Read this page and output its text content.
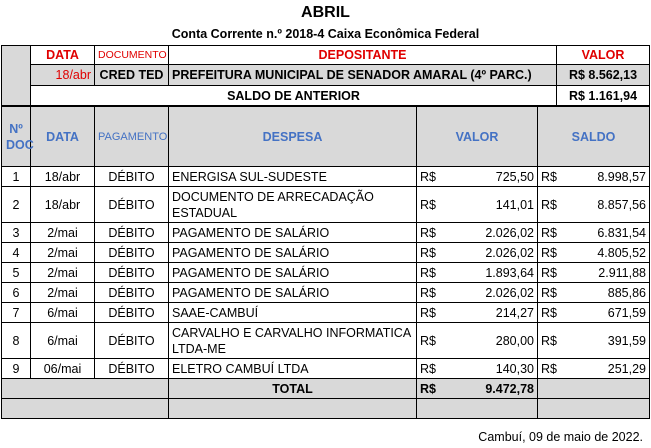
ABRIL
Conta Corrente n.º 2018-4 Caixa Econômica Federal
	DATA	DOCUMENTO	DEPOSITANTE	VALOR
	18/abr	CRED TED	PREFEITURA MUNICIPAL DE SENADOR AMARAL (4º PARC.)	R$ 8.562,13
	SALDO DE ANTERIOR			R$ 1.161,94
Nº DOC	DATA	PAGAMENTO	DESPESA	VALOR		SALDO	
1	18/abr	DÉBITO	ENERGISA SUL-SUDESTE	R$	725,50	R$	8.998,57
2	18/abr	DÉBITO	DOCUMENTO DE ARRECADAÇÃO ESTADUAL	R$	141,01	R$	8.857,56
3	2/mai	DÉBITO	PAGAMENTO DE SALÁRIO	R$	2.026,02	R$	6.831,54
4	2/mai	DÉBITO	PAGAMENTO DE SALÁRIO	R$	2.026,02	R$	4.805,52
5	2/mai	DÉBITO	PAGAMENTO DE SALÁRIO	R$	1.893,64	R$	2.911,88
6	2/mai	DÉBITO	PAGAMENTO DE SALÁRIO	R$	2.026,02	R$	885,86
7	6/mai	DÉBITO	SAAE-CAMBUÍ	R$	214,27	R$	671,59
8	6/mai	DÉBITO	CARVALHO E CARVALHO INFORMATICA LTDA-ME	R$	280,00	R$	391,59
9	06/mai	DÉBITO	ELETRO CAMBUÍ LTDA	R$	140,30	R$	251,29
			TOTAL	R$	9.472,78		

Cambuí, 09 de maio de 2022.
